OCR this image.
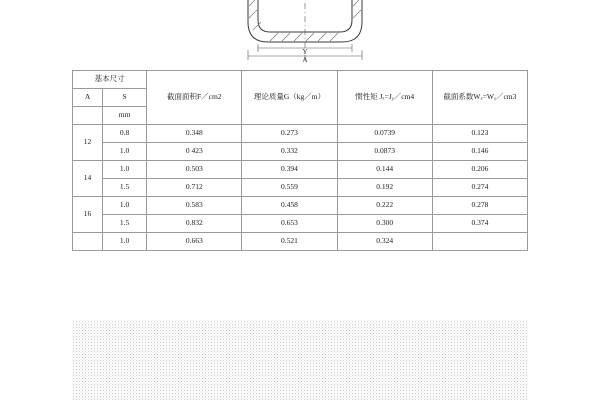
A
Y
基本尺寸		截面面积F／cm2	理论质量G（kg／m）	惯性矩 Jₓ=Jᵧ／cm4	截面系数Wₓ=Wᵧ／cm3
A	S				
	mm				
12	0.8	0.348	0.273	0.0739	0.123
	1.0	0 423	0.332	0.0873	0.146
14	1.0	0.503	0.394	0.144	0.206
	1.5	0.712	0.559	0.192	0.274
16	1.0	0.583	0.458	0.222	0.278
	1.5	0.832	0.653	0.300	0.374
	1.0	0.663	0.521	0.324	
